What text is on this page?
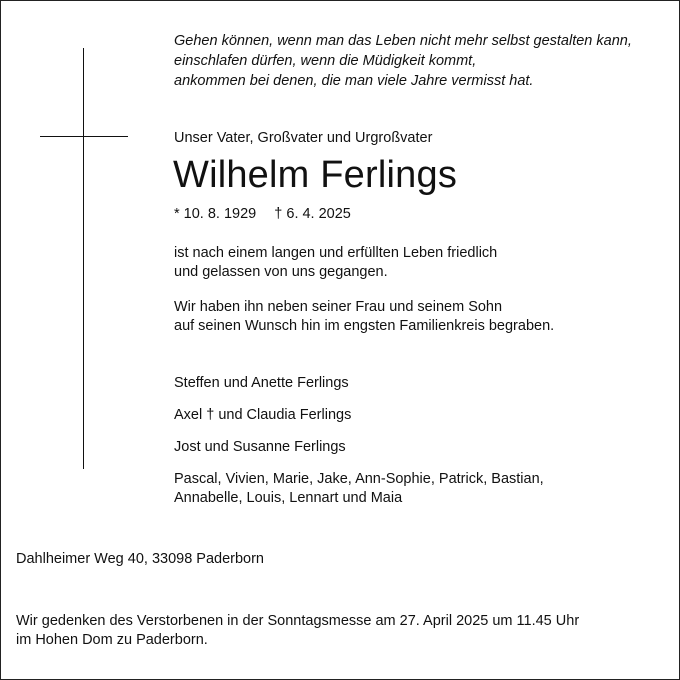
Gehen können, wenn man das Leben nicht mehr selbst gestalten kann,
einschlafen dürfen, wenn die Müdigkeit kommt,
ankommen bei denen, die man viele Jahre vermisst hat.
Unser Vater, Großvater und Urgroßvater
Wilhelm Ferlings
* 10. 8. 1929 † 6. 4. 2025
ist nach einem langen und erfüllten Leben friedlich
und gelassen von uns gegangen.
Wir haben ihn neben seiner Frau und seinem Sohn
auf seinen Wunsch hin im engsten Familienkreis begraben.
Steffen und Anette Ferlings
Axel † und Claudia Ferlings
Jost und Susanne Ferlings
Pascal, Vivien, Marie, Jake, Ann-Sophie, Patrick, Bastian,
Annabelle, Louis, Lennart und Maia
Dahlheimer Weg 40, 33098 Paderborn
Wir gedenken des Verstorbenen in der Sonntagsmesse am 27. April 2025 um 11.45 Uhr
im Hohen Dom zu Paderborn.
